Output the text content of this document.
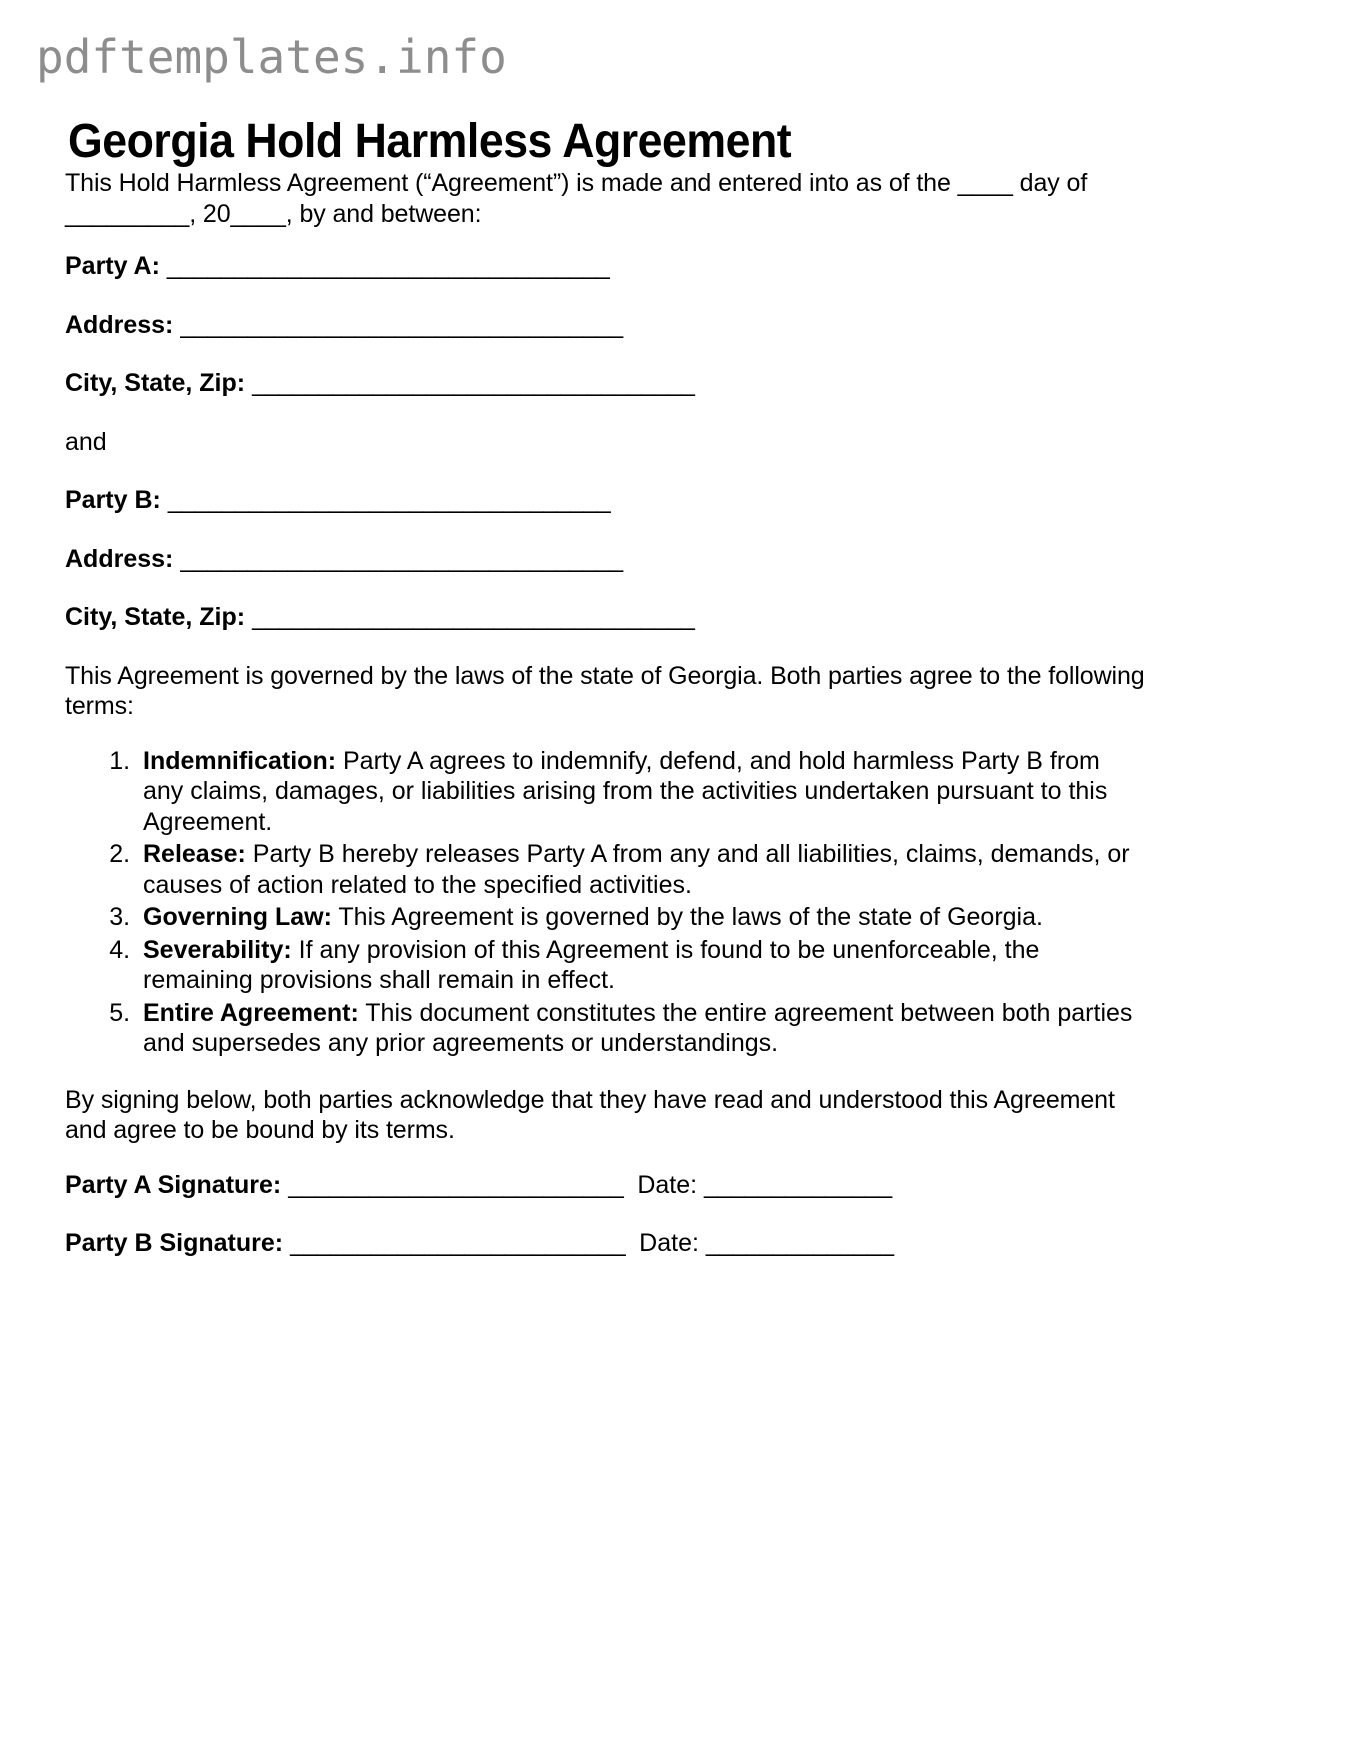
pdftemplates.info
Georgia Hold Harmless Agreement

This Hold Harmless Agreement (“Agreement”) is made and entered into as of the ____ day of _________, 20____, by and between:

Party A: _________________________________
Address: _________________________________
City, State, Zip: _________________________________
and
Party B: _________________________________
Address: _________________________________
City, State, Zip: _________________________________

This Agreement is governed by the laws of the state of Georgia. Both parties agree to the following terms:

1. Indemnification: Party A agrees to indemnify, defend, and hold harmless Party B from any claims, damages, or liabilities arising from the activities undertaken pursuant to this Agreement.
2. Release: Party B hereby releases Party A from any and all liabilities, claims, demands, or causes of action related to the specified activities.
3. Governing Law: This Agreement is governed by the laws of the state of Georgia.
4. Severability: If any provision of this Agreement is found to be unenforceable, the remaining provisions shall remain in effect.
5. Entire Agreement: This document constitutes the entire agreement between both parties and supersedes any prior agreements or understandings.

By signing below, both parties acknowledge that they have read and understood this Agreement and agree to be bound by its terms.

Party A Signature: _________________________ Date: ______________
Party B Signature: _________________________ Date: ______________
